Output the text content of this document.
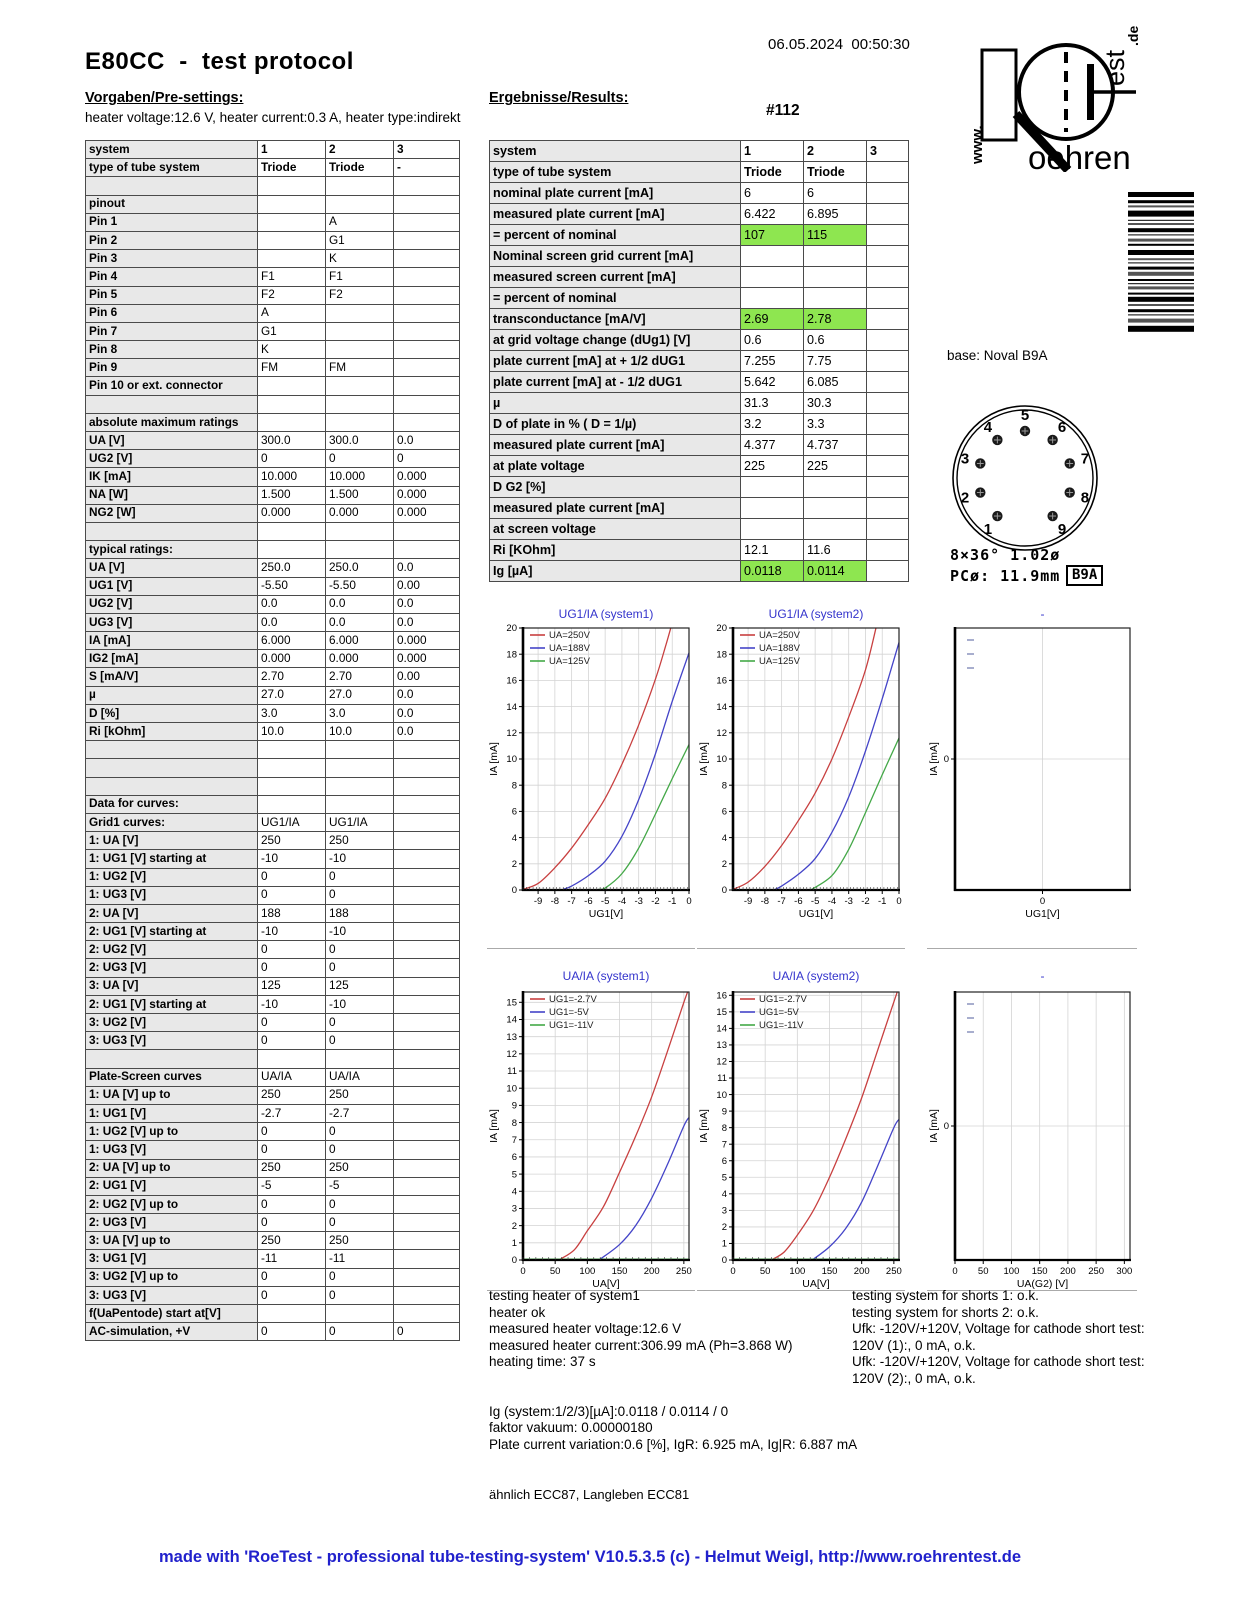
06.05.2024  00:50:30
E80CC  -  test protocol
Vorgaben/Pre-settings:
heater voltage:12.6 V, heater current:0.3 A, heater type:indirekt
Ergebnisse/Results:
#112
oehren
www.
est
.de
base: Noval B9A
1
2
3
4
5
6
7
8
9
8×36° 1.02ø
PCø: 11.9mm B9A
system	1	2	3
type of tube system	Triode	Triode	-

pinout			
Pin 1		A	
Pin 2		G1	
Pin 3		K	
Pin 4	F1	F1	
Pin 5	F2	F2	
Pin 6	A		
Pin 7	G1		
Pin 8	K		
Pin 9	FM	FM	
Pin 10 or ext. connector			

absolute maximum ratings			
UA [V]	300.0	300.0	0.0
UG2 [V]	0	0	0
IK [mA]	10.000	10.000	0.000
NA [W]	1.500	1.500	0.000
NG2 [W]	0.000	0.000	0.000

typical ratings:			
UA [V]	250.0	250.0	0.0
UG1 [V]	-5.50	-5.50	0.00
UG2 [V]	0.0	0.0	0.0
UG3 [V]	0.0	0.0	0.0
IA [mA]	6.000	6.000	0.000
IG2 [mA]	0.000	0.000	0.000
S [mA/V]	2.70	2.70	0.00
µ	27.0	27.0	0.0
D [%]	3.0	3.0	0.0
Ri [kOhm]	10.0	10.0	0.0

Data for curves:			
Grid1 curves:	UG1/IA	UG1/IA	
1: UA [V]	250	250	
1: UG1 [V] starting at	-10	-10	
1: UG2 [V]	0	0	
1: UG3 [V]	0	0	
2: UA [V]	188	188	
2: UG1 [V] starting at	-10	-10	
2: UG2 [V]	0	0	
2: UG3 [V]	0	0	
3: UA [V]	125	125	
2: UG1 [V] starting at	-10	-10	
3: UG2 [V]	0	0	
3: UG3 [V]	0	0	

Plate-Screen curves	UA/IA	UA/IA	
1: UA [V] up to	250	250	
1: UG1 [V]	-2.7	-2.7	
1: UG2 [V] up to	0	0	
1: UG3 [V]	0	0	
2: UA [V] up to	250	250	
2: UG1 [V]	-5	-5	
2: UG2 [V] up to	0	0	
2: UG3 [V]	0	0	
3: UA [V] up to	250	250	
3: UG1 [V]	-11	-11	
3: UG2 [V] up to	0	0	
3: UG3 [V]	0	0	
f(UaPentode) start at[V]			
AC-simulation, +V	0	0	0
system	1	2	3
type of tube system	Triode	Triode	
nominal plate current [mA]	6	6	
measured plate current [mA]	6.422	6.895	
= percent of nominal	107	115	
Nominal screen grid current [mA]			
measured screen current [mA]			
= percent of nominal			
transconductance [mA/V]	2.69	2.78	
at grid voltage change (dUg1) [V]	0.6	0.6	
plate current [mA] at + 1/2 dUG1	7.255	7.75	
plate current [mA] at - 1/2 dUG1	5.642	6.085	
µ	31.3	30.3	
D of plate in % ( D = 1/µ)	3.2	3.3	
measured plate current [mA]	4.377	4.737	
at plate voltage	225	225	
D G2 [%]			
measured plate current [mA]			
at screen voltage			
Ri [KOhm]	12.1	11.6	
Ig [µA]	0.0118	0.0114	
UG1/IA (system1)
0
2
4
6
8
10
12
14
16
18
20
-9 -8 -7 -6 -5 -4 -3 -2 -1 0
UG1[V]
IA [mA]
UA=250V
UA=188V
UA=125V
UG1/IA (system2)
0
2
4
6
8
10
12
14
16
18
20
-9 -8 -7 -6 -5 -4 -3 -2 -1 0
UG1[V]
IA [mA]
UA=250V
UA=188V
UA=125V
-
0
0
UG1[V]
IA [mA]
UA/IA (system1)
0
1
2
3
4
5
6
7
8
9
10
11
12
13
14
15
0	50 100 150 200 250
UA[V]
IA [mA]
UG1=-2.7V
UG1=-5V
UG1=-11V
UA/IA (system2)
0
1
2
3
4
5
6
7
8
9
10
11
12
13
14
15
16
0	50 100 150 200 250
UA[V]
IA [mA]
UG1=-2.7V
UG1=-5V
UG1=-11V
-
0
0 50 100 150 200 250 300
UA(G2) [V]
IA [mA]
testing heater of system1
heater ok
measured heater voltage:12.6 V
measured heater current:306.99 mA (Ph=3.868 W)
heating time: 37 s
Ig (system:1/2/3)[µA]:0.0118 / 0.0114 / 0
faktor vakuum: 0.00000180
Plate current variation:0.6 [%], IgR: 6.925 mA, Ig|R: 6.887 mA
testing system for shorts 1: o.k.
testing system for shorts 2: o.k.
Ufk: -120V/+120V, Voltage for cathode short test:
120V (1):, 0 mA, o.k.
Ufk: -120V/+120V, Voltage for cathode short test:
120V (2):, 0 mA, o.k.
ähnlich ECC87, Langleben ECC81
made with 'RoeTest - professional tube-testing-system' V10.5.3.5 (c) - Helmut Weigl, http://www.roehrentest.de
